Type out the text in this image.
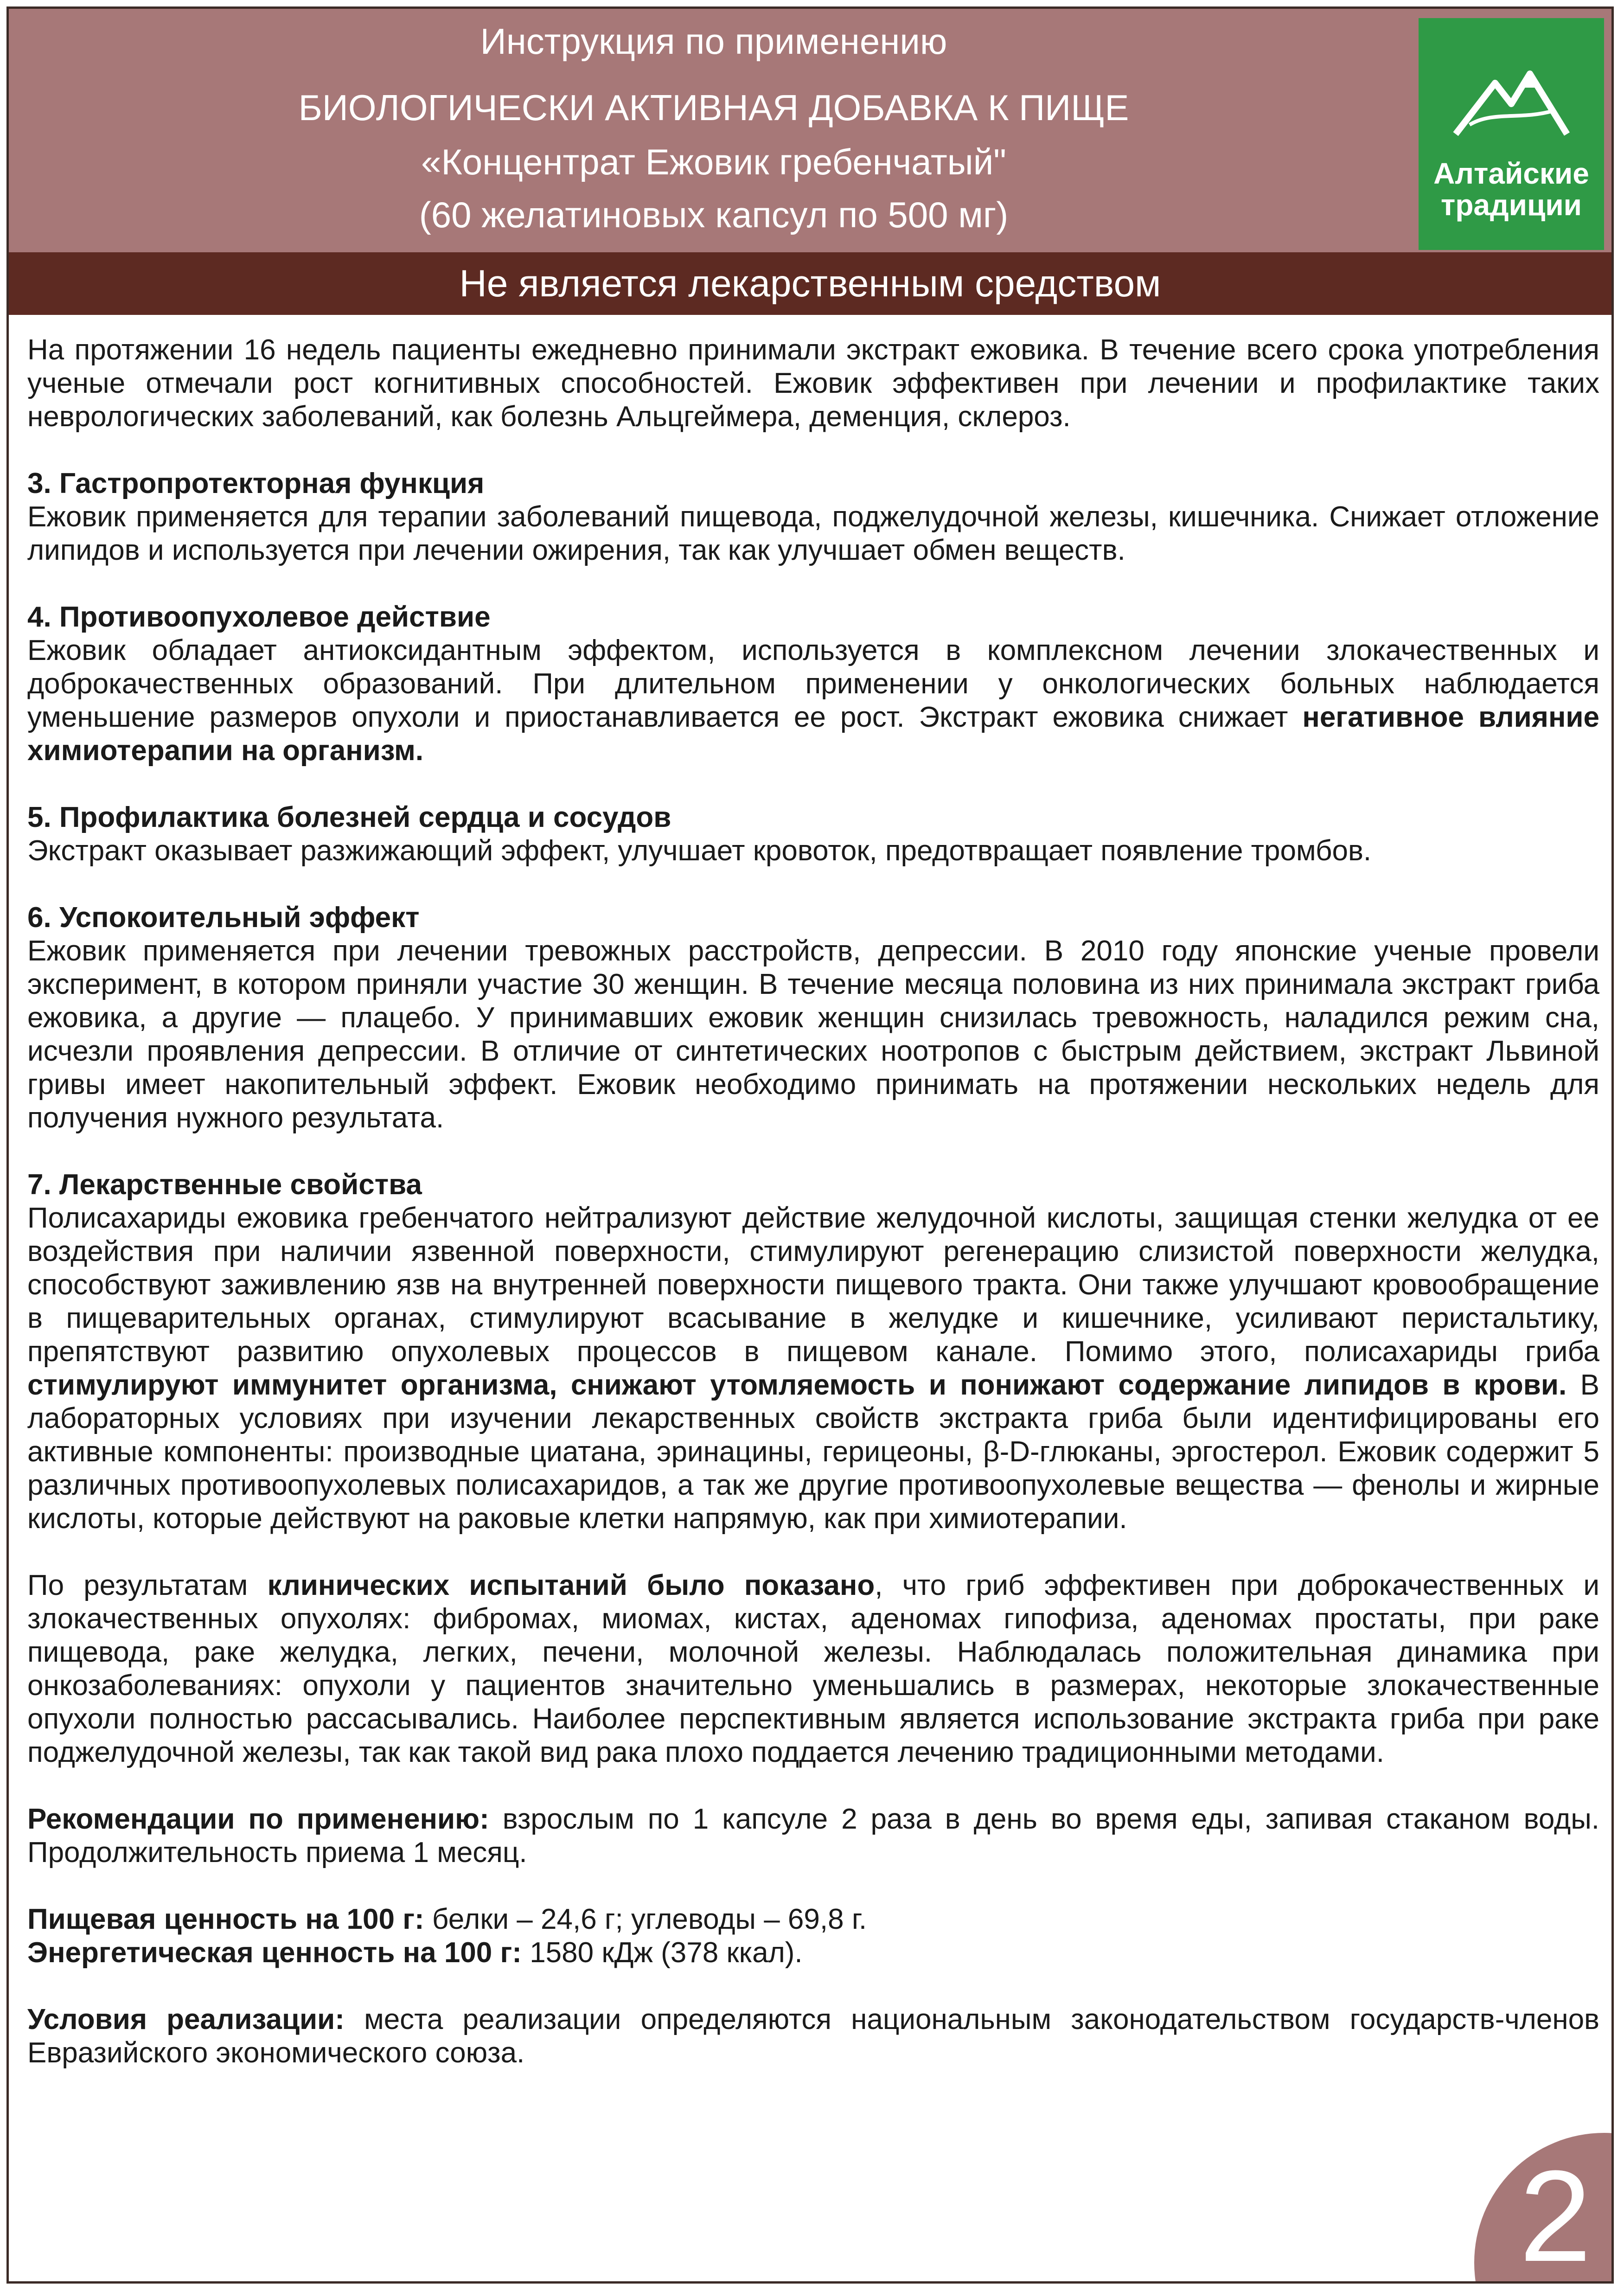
Инструкция по применению
БИОЛОГИЧЕСКИ АКТИВНАЯ ДОБАВКА К ПИЩЕ
«Концентрат Ежовик гребенчатый"
(60 желатиновых капсул по 500 мг)
Алтайские
традиции
Не является лекарственным средством

На протяжении 16 недель пациенты ежедневно принимали экстракт ежовика. В течение всего срока употребления ученые отмечали рост когнитивных способностей. Ежовик эффективен при лечении и профилактике таких неврологических заболеваний, как болезнь Альцгеймера, деменция, склероз.

3. Гастропротекторная функция

Ежовик применяется для терапии заболеваний пищевода, поджелудочной железы, кишечника. Снижает отложение липидов и используется при лечении ожирения, так как улучшает обмен веществ.

4. Противоопухолевое действие

Ежовик обладает антиоксидантным эффектом, используется в комплексном лечении злокачественных и доброкачественных образований. При длительном применении у онкологических больных наблюдается уменьшение размеров опухоли и приостанавливается ее рост. Экстракт ежовика снижает негативное влияние химиотерапии на организм.

5. Профилактика болезней сердца и сосудов

Экстракт оказывает разжижающий эффект, улучшает кровоток, предотвращает появление тромбов.

6. Успокоительный эффект

Ежовик применяется при лечении тревожных расстройств, депрессии. В 2010 году японские ученые провели эксперимент, в котором приняли участие 30 женщин. В течение месяца половина из них принимала экстракт гриба ежовика, а другие — плацебо. У принимавших ежовик женщин снизилась тревожность, наладился режим сна, исчезли проявления депрессии. В отличие от синтетических ноотропов с быстрым действием, экстракт Львиной гривы имеет накопительный эффект. Ежовик необходимо принимать на протяжении нескольких недель для получения нужного результата.

7. Лекарственные свойства

Полисахариды ежовика гребенчатого нейтрализуют действие желудочной кислоты, защищая стенки желудка от ее воздействия при наличии язвенной поверхности, стимулируют регенерацию слизистой поверхности желудка, способствуют заживлению язв на внутренней поверхности пищевого тракта. Они также улучшают кровообращение в пищеварительных органах, стимулируют всасывание в желудке и кишечнике, усиливают перистальтику, препятствуют развитию опухолевых процессов в пищевом канале. Помимо этого, полисахариды гриба стимулируют иммунитет организма, снижают утомляемость и понижают содержание липидов в крови. В лабораторных условиях при изучении лекарственных свойств экстракта гриба были идентифицированы его активные компоненты: производные циатана, эринацины, герицеоны, β-D-глюканы, эргостерол. Ежовик содержит 5 различных противоопухолевых полисахаридов, а так же другие противоопухолевые вещества — фенолы и жирные кислоты, которые действуют на раковые клетки напрямую, как при химиотерапии.

По результатам клинических испытаний было показано, что гриб эффективен при доброкачественных и злокачественных опухолях: фибромах, миомах, кистах, аденомах гипофиза, аденомах простаты, при раке пищевода, раке желудка, легких, печени, молочной железы. Наблюдалась положительная динамика при онкозаболеваниях: опухоли у пациентов значительно уменьшались в размерах, некоторые злокачественные опухоли полностью рассасывались. Наиболее перспективным является использование экстракта гриба при раке поджелудочной железы, так как такой вид рака плохо поддается лечению традиционными методами.

Рекомендации по применению: взрослым по 1 капсуле 2 раза в день во время еды, запивая стаканом воды. Продолжительность приема 1 месяц.

Пищевая ценность на 100 г: белки – 24,6 г; углеводы – 69,8 г.
Энергетическая ценность на 100 г: 1580 кДж (378 ккал).

Условия реализации: места реализации определяются национальным законодательством государств-членов Евразийского экономического союза.

2
